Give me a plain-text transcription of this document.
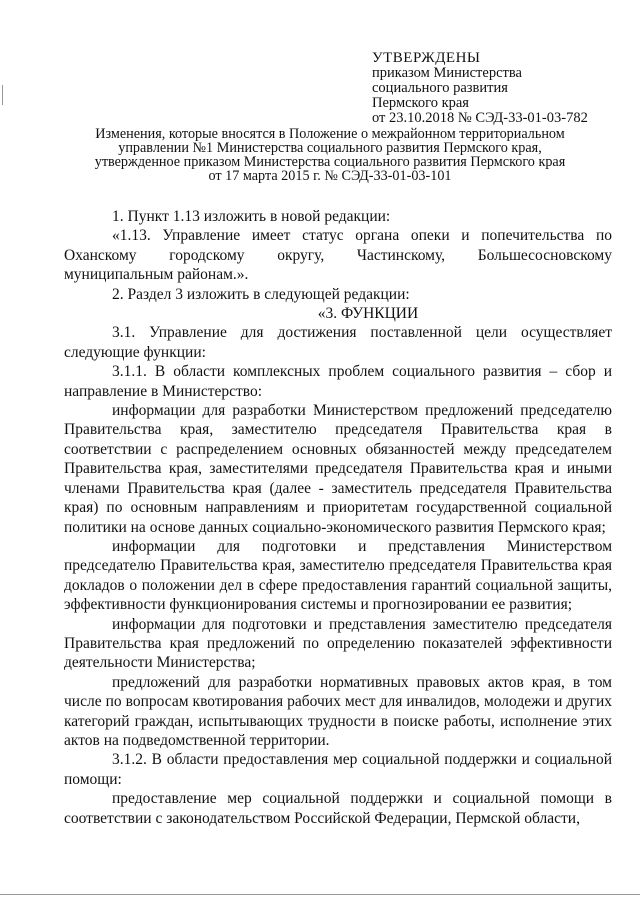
УТВЕРЖДЕНЫ
приказом Министерства
социального развития
Пермского края
от 23.10.2018 № СЭД-33-01-03-782
Изменения, которые вносятся в Положение о межрайонном территориальном
управлении №1 Министерства социального развития Пермского края,
утвержденное приказом Министерства социального развития Пермского края
от 17 марта 2015 г. № СЭД-33-01-03-101

1. Пункт 1.13 изложить в новой редакции:

«1.13. Управление имеет статус органа опеки и попечительства по

Оханскому городскому округу, Частинскому, Большесосновскому

муниципальным районам.».

2. Раздел 3 изложить в следующей редакции:

«3. ФУНКЦИИ

3.1. Управление для достижения поставленной цели осуществляет следующие функции:

3.1.1. В области комплексных проблем социального развития – сбор и направление в Министерство:

информации для разработки Министерством предложений председателю Правительства края, заместителю председателя Правительства края в соответствии с распределением основных обязанностей между председателем Правительства края, заместителями председателя Правительства края и иными членами Правительства края (далее - заместитель председателя Правительства края) по основным направлениям и приоритетам государственной социальной политики на основе данных социально-экономического развития Пермского края;

информации для подготовки и представления Министерством председателю Правительства края, заместителю председателя Правительства края докладов о положении дел в сфере предоставления гарантий социальной защиты, эффективности функционирования системы и прогнозировании ее развития;

информации для подготовки и представления заместителю председателя Правительства края предложений по определению показателей эффективности деятельности Министерства;

предложений для разработки нормативных правовых актов края, в том числе по вопросам квотирования рабочих мест для инвалидов, молодежи и других категорий граждан, испытывающих трудности в поиске работы, исполнение этих актов на подведомственной территории.

3.1.2. В области предоставления мер социальной поддержки и социальной помощи:

предоставление мер социальной поддержки и социальной помощи в соответствии с законодательством Российской Федерации, Пермской области,
